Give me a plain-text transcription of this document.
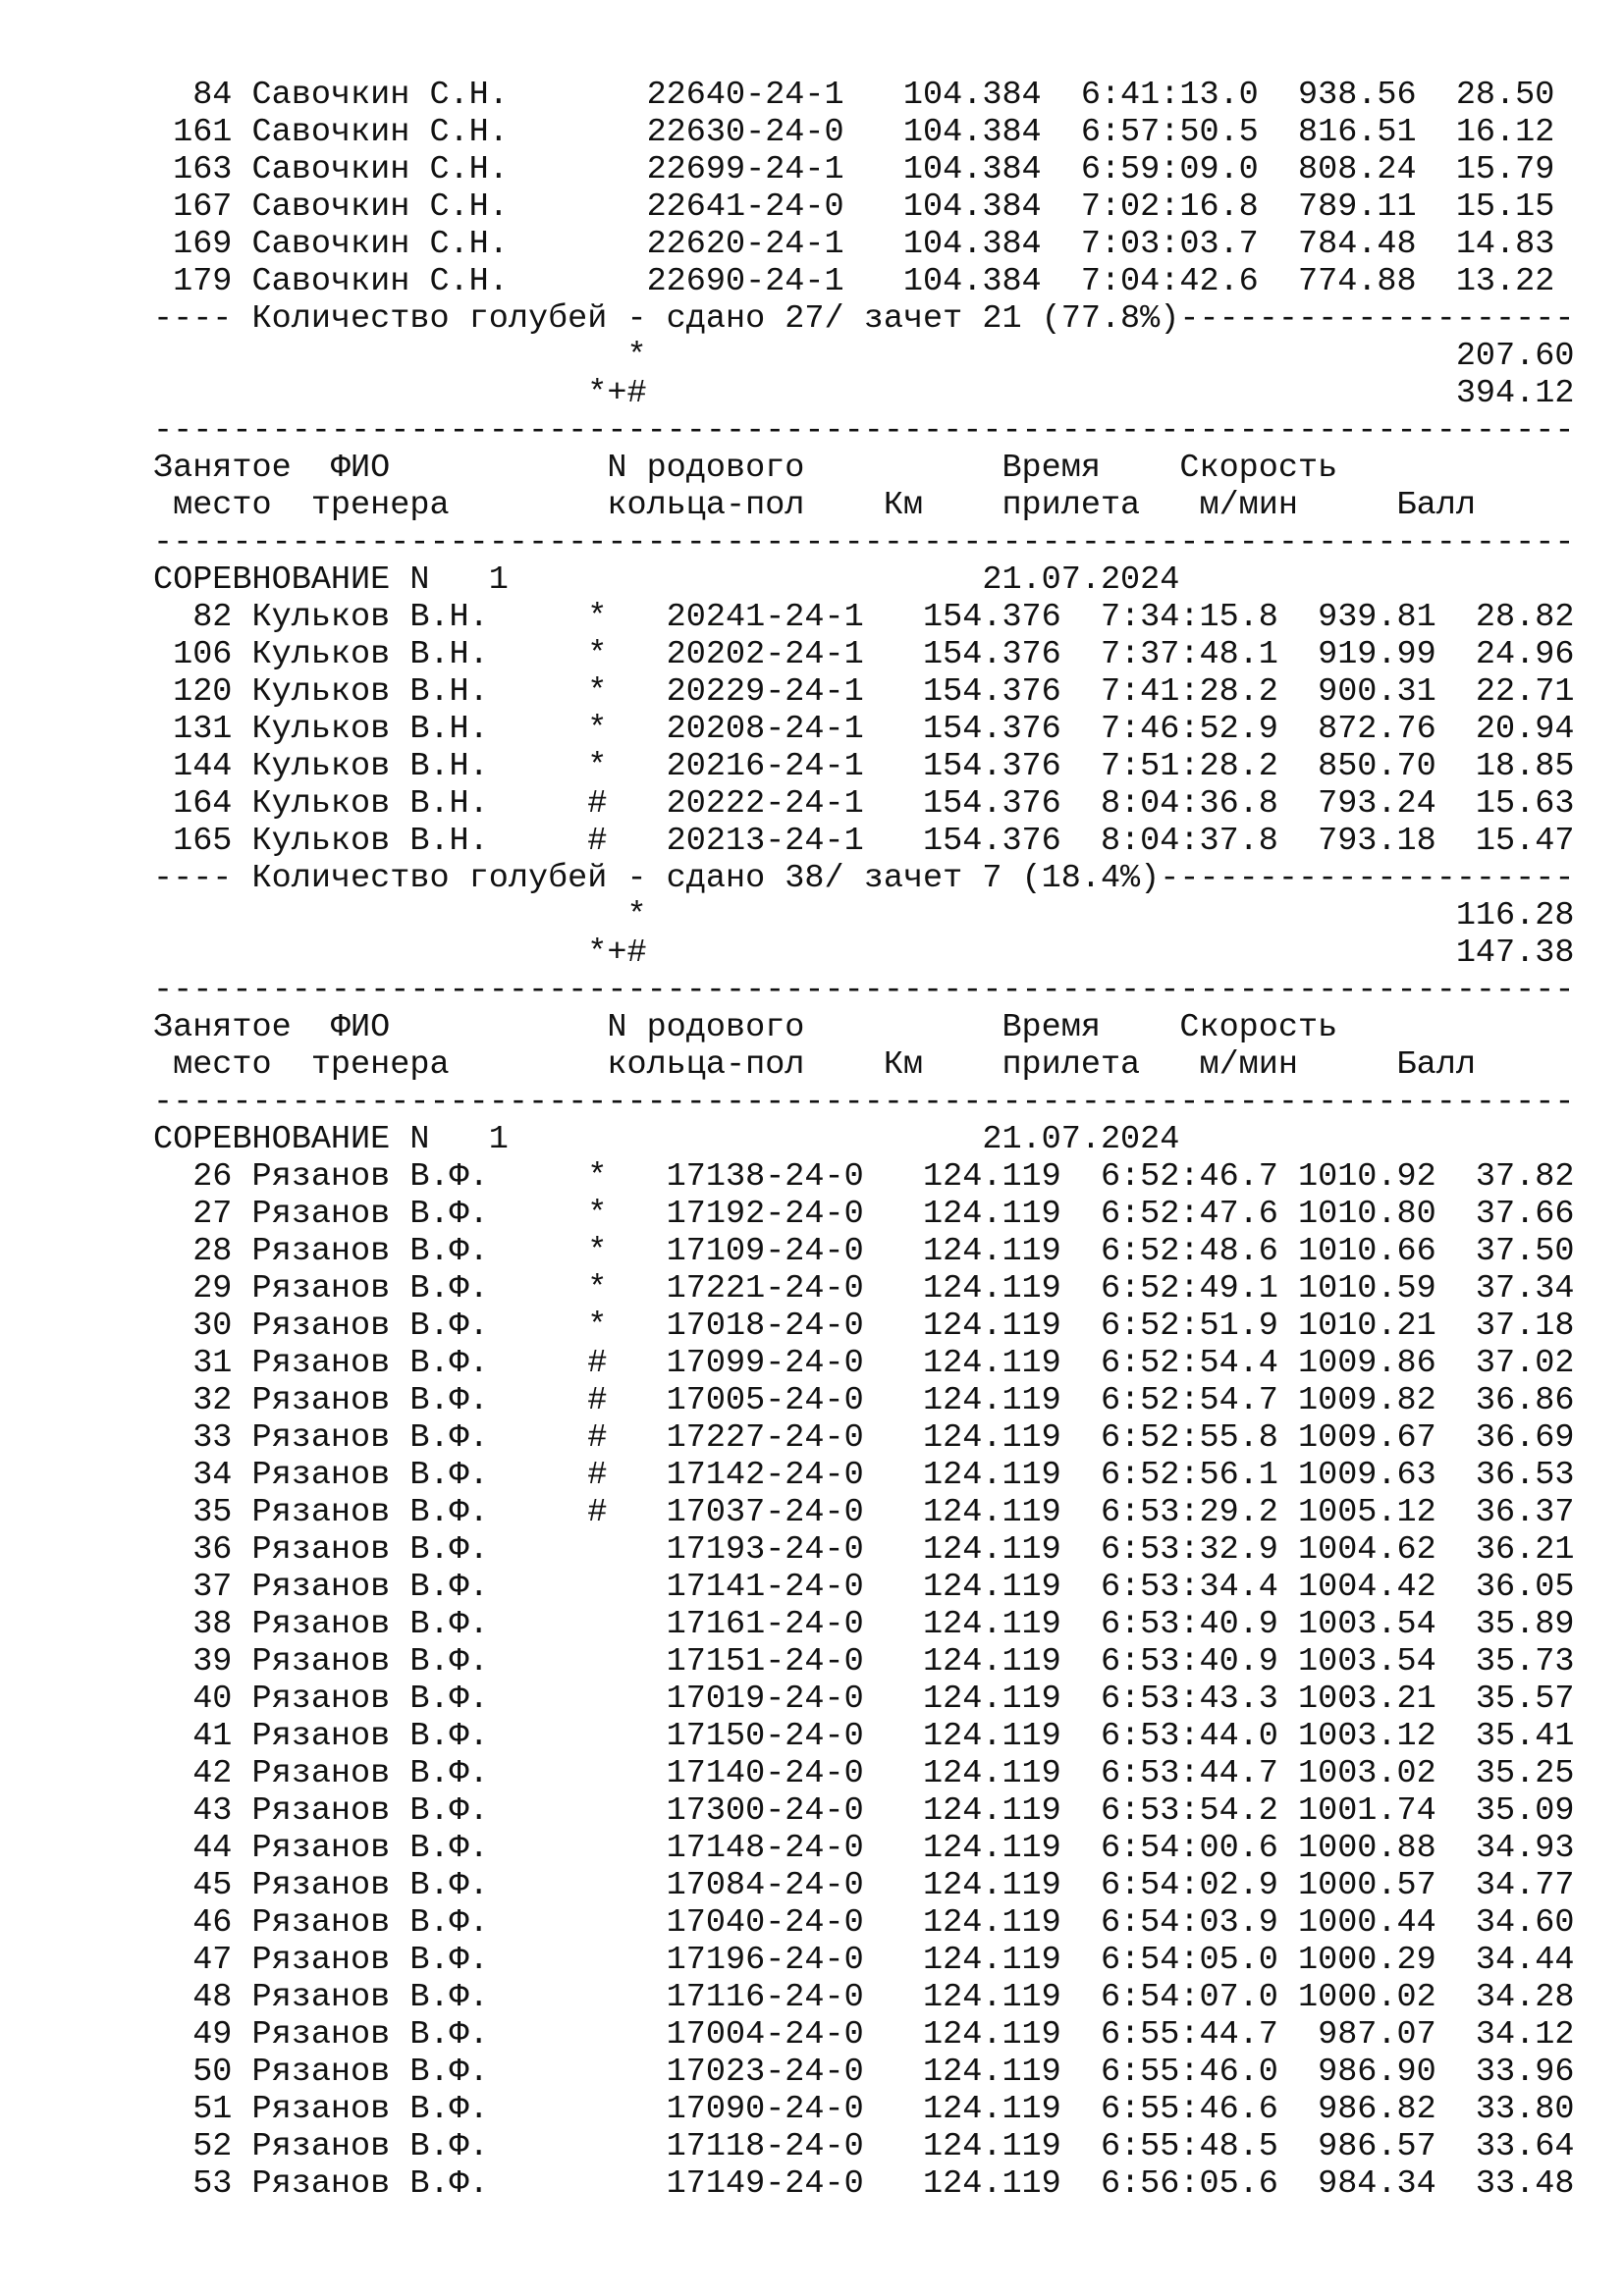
84 Савочкин С.Н.       22640-24-1   104.384  6:41:13.0  938.56  28.50
161 Савочкин С.Н.       22630-24-0   104.384  6:57:50.5  816.51  16.12
163 Савочкин С.Н.       22699-24-1   104.384  6:59:09.0  808.24  15.79
167 Савочкин С.Н.       22641-24-0   104.384  7:02:16.8  789.11  15.15
169 Савочкин С.Н.       22620-24-1   104.384  7:03:03.7  784.48  14.83
179 Савочкин С.Н.       22690-24-1   104.384  7:04:42.6  774.88  13.22
---- Количество голубей - сдано 27/ зачет 21 (77.8%)--------------------
*                                         207.60
*+#                                         394.12
------------------------------------------------------------------------
Занятое  ФИО           N родового          Время    Скорость
место  тренера        кольца-пол    Км    прилета   м/мин     Балл
------------------------------------------------------------------------
СОРЕВНОВАНИЕ N   1                        21.07.2024
82 Кульков В.Н.     *   20241-24-1   154.376  7:34:15.8  939.81  28.82
106 Кульков В.Н.     *   20202-24-1   154.376  7:37:48.1  919.99  24.96
120 Кульков В.Н.     *   20229-24-1   154.376  7:41:28.2  900.31  22.71
131 Кульков В.Н.     *   20208-24-1   154.376  7:46:52.9  872.76  20.94
144 Кульков В.Н.     *   20216-24-1   154.376  7:51:28.2  850.70  18.85
164 Кульков В.Н.     #   20222-24-1   154.376  8:04:36.8  793.24  15.63
165 Кульков В.Н.     #   20213-24-1   154.376  8:04:37.8  793.18  15.47
---- Количество голубей - сдано 38/ зачет 7 (18.4%)---------------------
*                                         116.28
*+#                                         147.38
------------------------------------------------------------------------
Занятое  ФИО           N родового          Время    Скорость
место  тренера        кольца-пол    Км    прилета   м/мин     Балл
------------------------------------------------------------------------
СОРЕВНОВАНИЕ N   1                        21.07.2024
26 Рязанов В.Ф.     *   17138-24-0   124.119  6:52:46.7 1010.92  37.82
27 Рязанов В.Ф.     *   17192-24-0   124.119  6:52:47.6 1010.80  37.66
28 Рязанов В.Ф.     *   17109-24-0   124.119  6:52:48.6 1010.66  37.50
29 Рязанов В.Ф.     *   17221-24-0   124.119  6:52:49.1 1010.59  37.34
30 Рязанов В.Ф.     *   17018-24-0   124.119  6:52:51.9 1010.21  37.18
31 Рязанов В.Ф.     #   17099-24-0   124.119  6:52:54.4 1009.86  37.02
32 Рязанов В.Ф.     #   17005-24-0   124.119  6:52:54.7 1009.82  36.86
33 Рязанов В.Ф.     #   17227-24-0   124.119  6:52:55.8 1009.67  36.69
34 Рязанов В.Ф.     #   17142-24-0   124.119  6:52:56.1 1009.63  36.53
35 Рязанов В.Ф.     #   17037-24-0   124.119  6:53:29.2 1005.12  36.37
36 Рязанов В.Ф.         17193-24-0   124.119  6:53:32.9 1004.62  36.21
37 Рязанов В.Ф.         17141-24-0   124.119  6:53:34.4 1004.42  36.05
38 Рязанов В.Ф.         17161-24-0   124.119  6:53:40.9 1003.54  35.89
39 Рязанов В.Ф.         17151-24-0   124.119  6:53:40.9 1003.54  35.73
40 Рязанов В.Ф.         17019-24-0   124.119  6:53:43.3 1003.21  35.57
41 Рязанов В.Ф.         17150-24-0   124.119  6:53:44.0 1003.12  35.41
42 Рязанов В.Ф.         17140-24-0   124.119  6:53:44.7 1003.02  35.25
43 Рязанов В.Ф.         17300-24-0   124.119  6:53:54.2 1001.74  35.09
44 Рязанов В.Ф.         17148-24-0   124.119  6:54:00.6 1000.88  34.93
45 Рязанов В.Ф.         17084-24-0   124.119  6:54:02.9 1000.57  34.77
46 Рязанов В.Ф.         17040-24-0   124.119  6:54:03.9 1000.44  34.60
47 Рязанов В.Ф.         17196-24-0   124.119  6:54:05.0 1000.29  34.44
48 Рязанов В.Ф.         17116-24-0   124.119  6:54:07.0 1000.02  34.28
49 Рязанов В.Ф.         17004-24-0   124.119  6:55:44.7  987.07  34.12
50 Рязанов В.Ф.         17023-24-0   124.119  6:55:46.0  986.90  33.96
51 Рязанов В.Ф.         17090-24-0   124.119  6:55:46.6  986.82  33.80
52 Рязанов В.Ф.         17118-24-0   124.119  6:55:48.5  986.57  33.64
53 Рязанов В.Ф.         17149-24-0   124.119  6:56:05.6  984.34  33.48
